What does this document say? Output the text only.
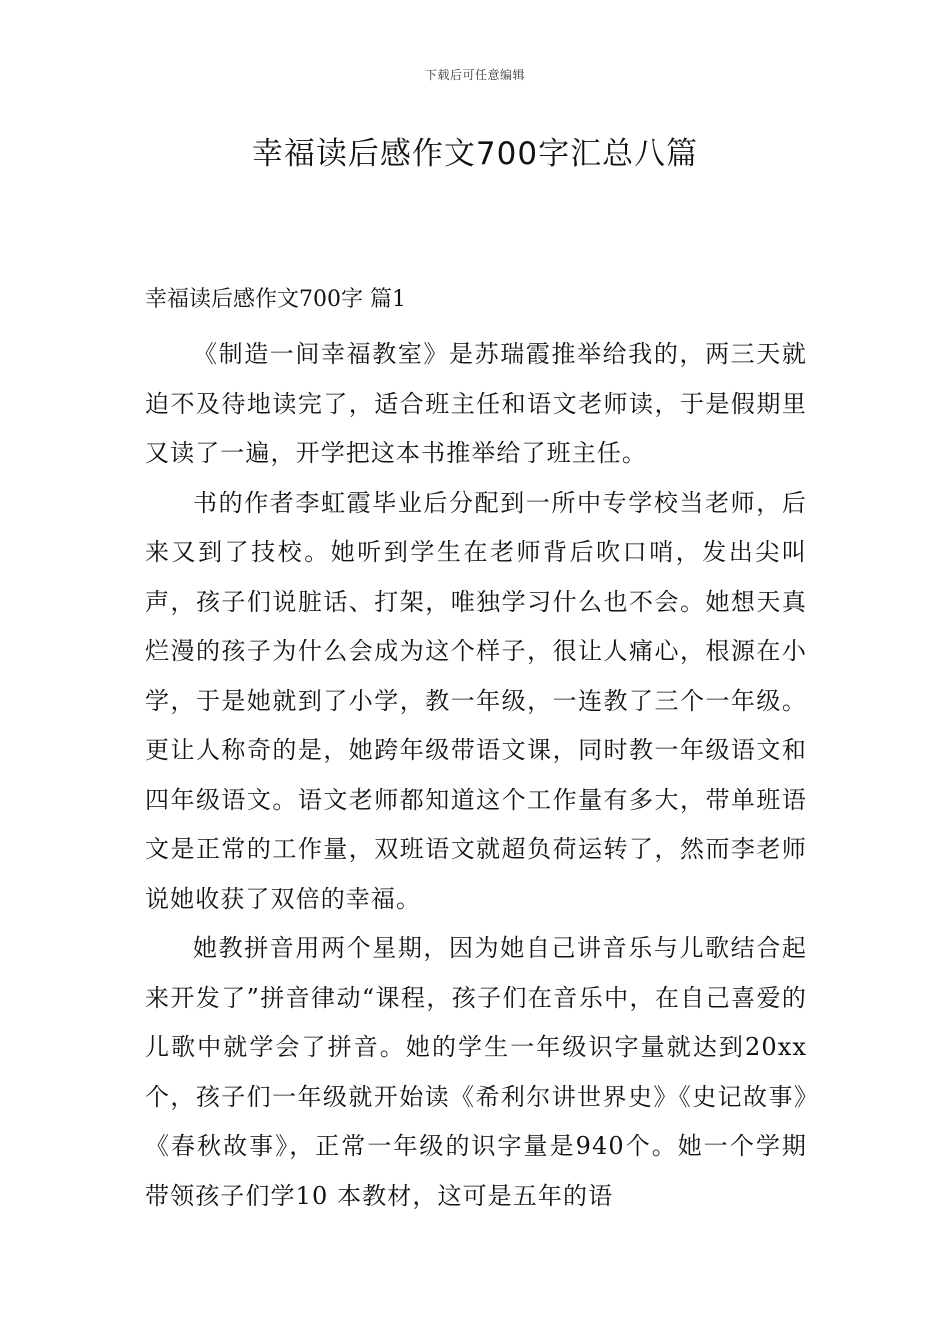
下载后可任意编辑
幸福读后感作文700字汇总八篇
幸福读后感作文700字 篇1

《制造一间幸福教室》是苏瑞霞推举给我的，两三天就迫不及待地读完了，适合班主任和语文老师读，于是假期里又读了一遍，开学把这本书推举给了班主任。

书的作者李虹霞毕业后分配到一所中专学校当老师，后来又到了技校。她听到学生在老师背后吹口哨，发出尖叫声，孩子们说脏话、打架，唯独学习什么也不会。她想天真烂漫的孩子为什么会成为这个样子，很让人痛心，根源在小学，于是她就到了小学，教一年级，一连教了三个一年级。更让人称奇的是，她跨年级带语文课，同时教一年级语文和四年级语文。语文老师都知道这个工作量有多大，带单班语文是正常的工作量，双班语文就超负荷运转了，然而李老师说她收获了双倍的幸福。

她教拼音用两个星期，因为她自己讲音乐与儿歌结合起来开发了”拼音律动“课程，孩子们在音乐中，在自己喜爱的儿歌中就学会了拼音。她的学生一年级识字量就达到20xx 个，孩子们一年级就开始读《希利尔讲世界史》《史记故事》《春秋故事》，正常一年级的识字量是940个。她一个学期带领孩子们学10 本教材，这可是五年的语
